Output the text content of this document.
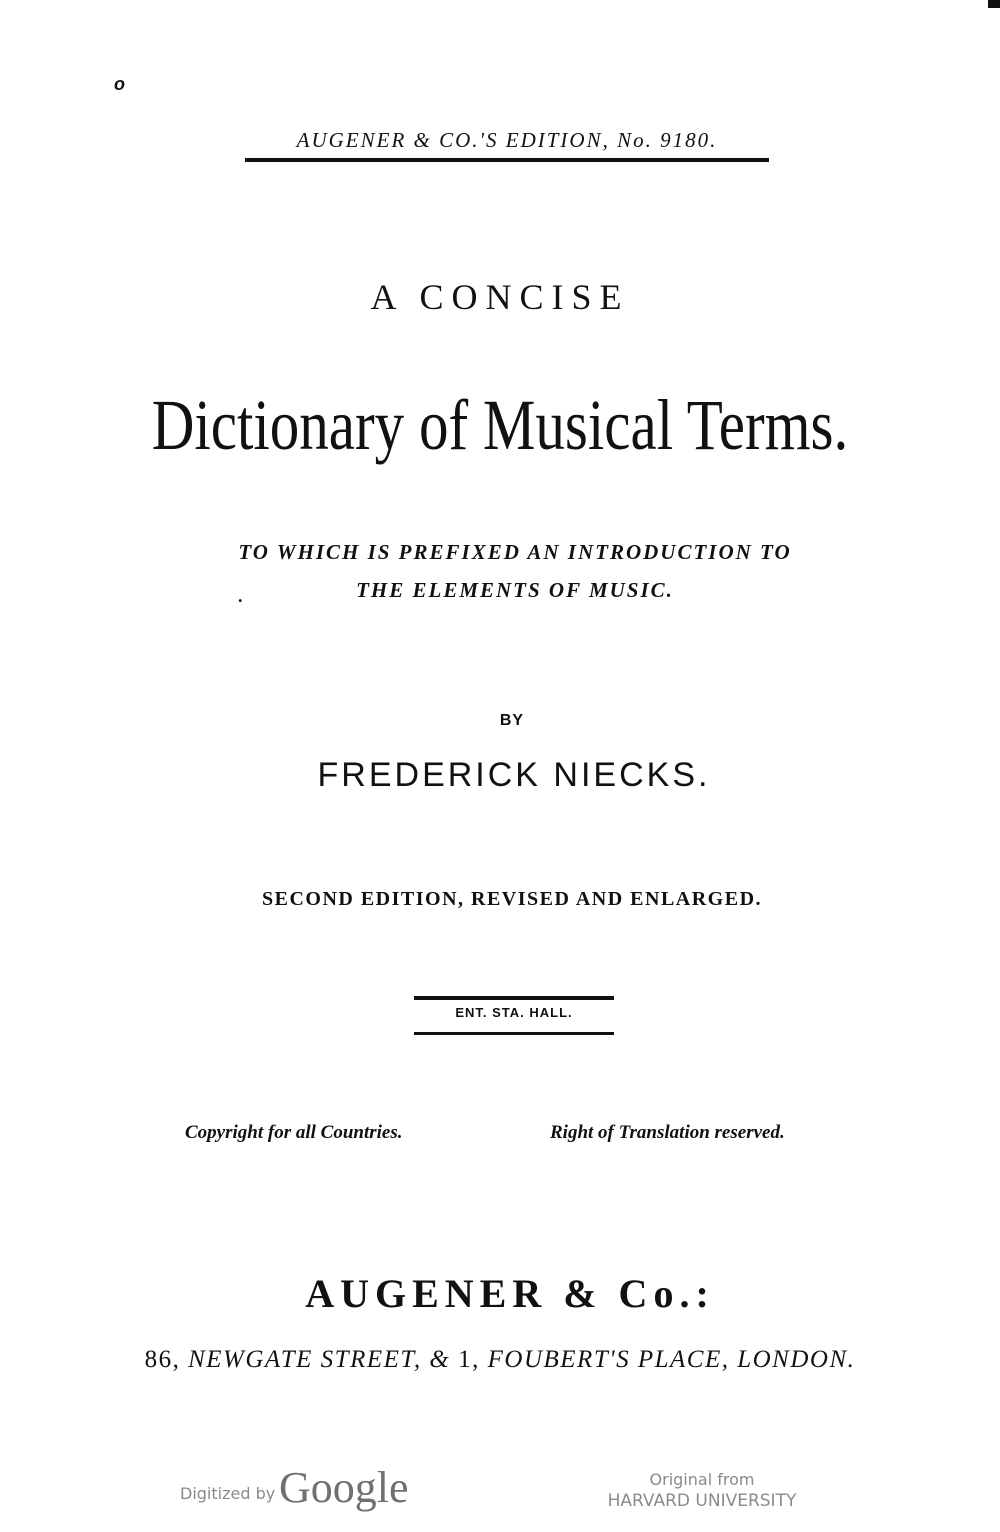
o
AUGENER & CO.'S EDITION, No. 9180.
A CONCISE
Dictionary of Musical Terms.
TO WHICH IS PREFIXED AN INTRODUCTION TO
.	THE ELEMENTS OF MUSIC.
BY
FREDERICK NIECKS.
SECOND EDITION, REVISED AND ENLARGED.
ENT. STA. HALL.
Copyright for all Countries.	Right of Translation reserved.
AUGENER & Co.:
86, NEWGATE STREET, & 1, FOUBERT'S PLACE, LONDON.
Digitized by Google	Original from
HARVARD UNIVERSITY
